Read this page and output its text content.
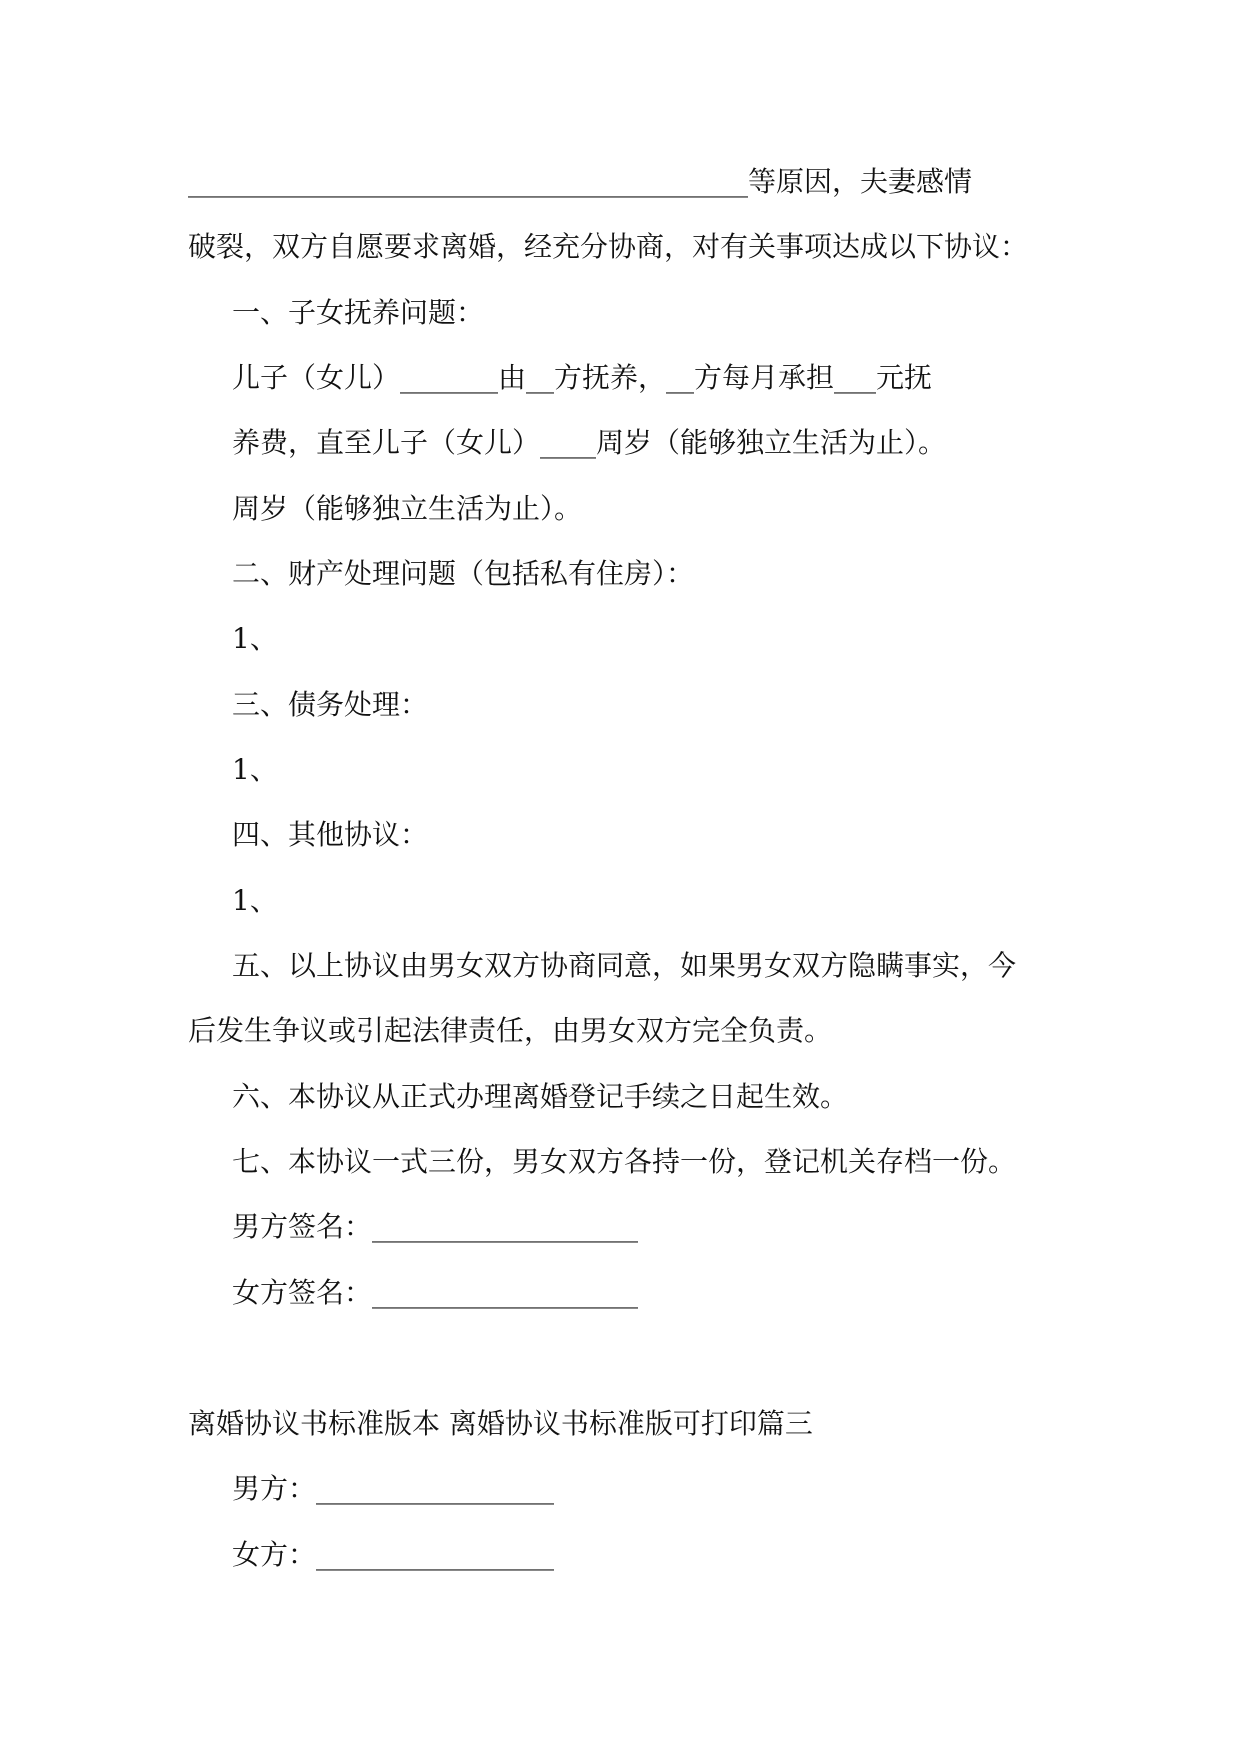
________________________________________等原因，夫妻感情
破裂，双方自愿要求离婚，经充分协商，对有关事项达成以下协议：
一、子女抚养问题：
儿子（女儿）_______由__方抚养，__方每月承担___元抚
养费，直至儿子（女儿）____周岁（能够独立生活为止）。
周岁（能够独立生活为止）。
二、财产处理问题（包括私有住房）：
1、
三、债务处理：
1、
四、其他协议：
1、
五、以上协议由男女双方协商同意，如果男女双方隐瞒事实，今
后发生争议或引起法律责任，由男女双方完全负责。
六、本协议从正式办理离婚登记手续之日起生效。
七、本协议一式三份，男女双方各持一份，登记机关存档一份。
男方签名：___________________
女方签名：___________________
离婚协议书标准版本 离婚协议书标准版可打印篇三
男方：_________________
女方：_________________
